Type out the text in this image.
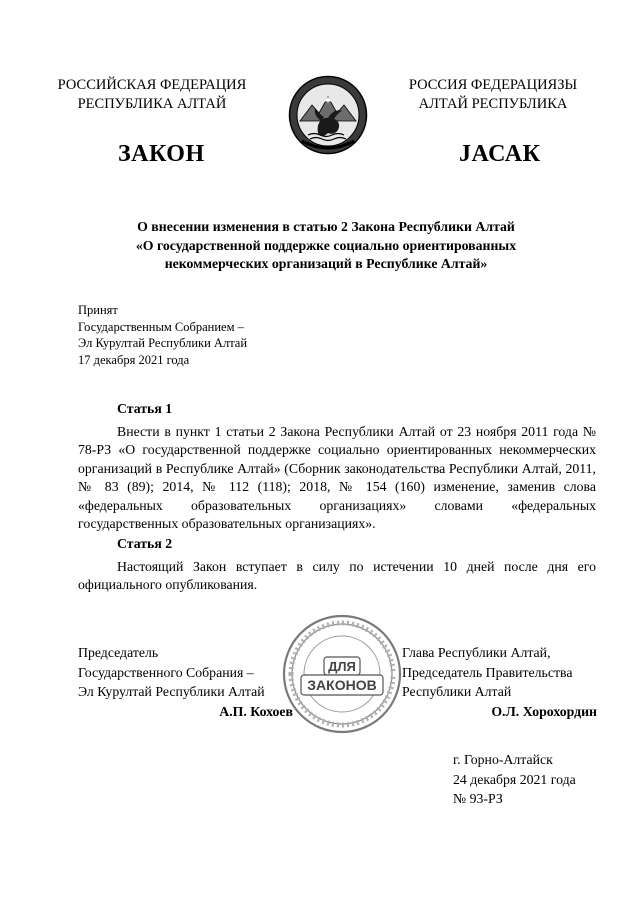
РОССИЙСКАЯ ФЕДЕРАЦИЯ
РЕСПУБЛИКА АЛТАЙ
РОССИЯ ФЕДЕРАЦИЯЗЫ
АЛТАЙ РЕСПУБЛИКА
ЗАКОН	JАСАК
О внесении изменения в статью 2 Закона Республики Алтай
«О государственной поддержке социально ориентированных
некоммерческих организаций в Республике Алтай»
Принят
Государственным Собранием –
Эл Курултай Республики Алтай
17 декабря 2021 года
Статья 1
Внести в пункт 1 статьи 2 Закона Республики Алтай от 23 ноября 2011 года № 78-РЗ «О государственной поддержке социально ориентированных некоммерческих организаций в Республике Алтай» (Сборник законодательства Республики Алтай, 2011, № 83 (89); 2014, № 112 (118); 2018, № 154 (160) изменение, заменив слова «федеральных образовательных организациях» словами «федеральных государственных образовательных организациях».
Статья 2
Настоящий Закон вступает в силу по истечении 10 дней после дня его официального опубликования.
Председатель
Государственного Собрания –
Эл Курултай Республики Алтай
А.П. Кохоев
ДЛЯ
ЗАКОНОВ
Глава Республики Алтай,
Председатель Правительства
Республики Алтай
О.Л. Хорохордин
г. Горно-Алтайск
24 декабря 2021 года
№ 93-РЗ
